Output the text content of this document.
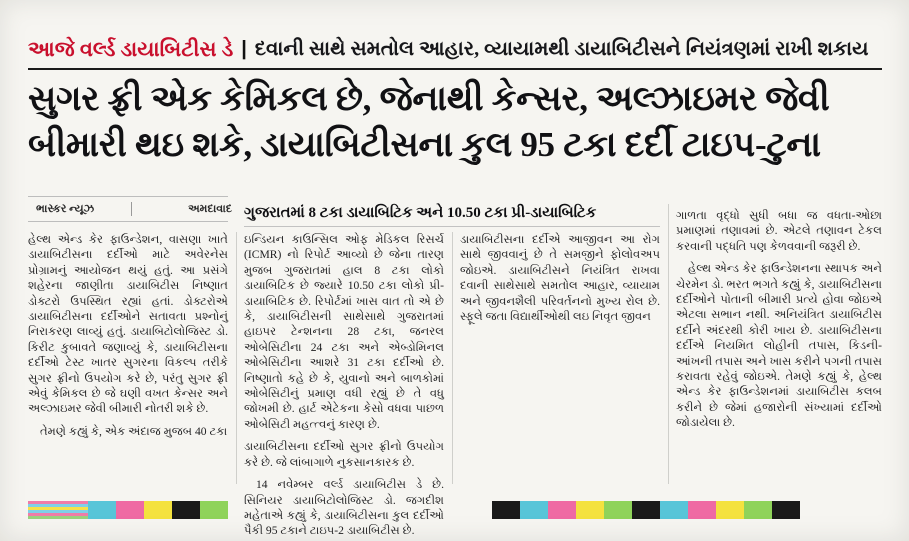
આજે વર્લ્ડ ડાયાબિટીસ ડે | દવાની સાથે સમતોલ આહાર, વ્યાયામથી ડાયાબિટીસને નિયંત્રણમાં રાખી શકાય
સુગર ફ્રી એક કેમિકલ છે, જેનાથી કેન્સર, અલ્ઝાઇમર જેવી
બીમારી થઇ શકે, ડાયાબિટીસના કુલ 95 ટકા દર્દી ટાઇપ-ટુના
ભાસ્કર ન્યૂઝ	અમદાવાદ ગુજરાતમાં 8 ટકા ડાયાબિટિક અને 10.50 ટકા પ્રી-ડાયાબિટિક

હેલ્થ એન્ડ કેર ફાઉન્ડેશન, વાસણા ખાતે ડાયાબિટીસના દર્દીઓ માટે અવેરનેસ પ્રોગ્રામનું આયોજન થયું હતું. આ પ્રસંગે શહેરના જાણીતા ડાયાબિટીસ નિષ્ણાત ડોક્ટરો ઉપસ્થિત રહ્યાં હતાં. ડોક્ટરોએ ડાયાબિટીસના દર્દીઓને સતાવતા પ્રશ્નોનું નિરાકરણ લાવ્યું હતું. ડાયાબિટોલોજિસ્ટ ડો. કિરીટ કુબાવતે જણાવ્યું કે, ડાયાબિટીસના દર્દીઓ ટેસ્ટ ખાતર સુગરના વિકલ્પ તરીકે સુગર ફ્રીનો ઉપયોગ કરે છે, પરંતુ સુગર ફ્રી એવું કેમિકલ છે જે ઘણી વખત કેન્સર અને અલ્ઝાઇમર જેવી બીમારી નોતરી શકે છે.

તેમણે કહ્યું કે, એક અંદાજ મુજબ 40 ટકા

ઇન્ડિયન કાઉન્સિલ ઓફ મેડિકલ રિસર્ચ (ICMR) નો રિપોર્ટ આવ્યો છે જેના તારણ મુજબ ગુજરાતમાં હાલ 8 ટકા લોકો ડાયાબિટિક છે જ્યારે 10.50 ટકા લોકો પ્રી-ડાયાબિટિક છે. રિપોર્ટમાં ખાસ વાત તો એ છે કે, ડાયાબિટીસની સાથેસાથે ગુજરાતમાં હાઇપર ટેન્શનના 28 ટકા, જનરલ ઓબેસિટીના 24 ટકા અને એબ્ડોમિનલ ઓબેસિટીના આશરે 31 ટકા દર્દીઓ છે. નિષ્ણાતો કહે છે કે, યુવાનો અને બાળકોમાં ઓબેસિટીનું પ્રમાણ વધી રહ્યું છે તે વધુ જોખમી છે. હાર્ટ એટેકના કેસો વધવા પાછળ ઓબેસિટી મહત્ત્વનું કારણ છે.

ડાયાબિટીસના દર્દીઓ સુગર ફ્રીનો ઉપયોગ કરે છે. જે લાંબાગાળે નુકસાનકારક છે.

14 નવેમ્બર વર્લ્ડ ડાયાબિટીસ ડે છે. સિનિયર ડાયાબિટોલોજિસ્ટ ડો. જગદીશ મહેતાએ કહ્યું કે, ડાયાબિટીસના કુલ દર્દીઓ પૈકી 95 ટકાને ટાઇપ-2 ડાયાબિટીસ છે.

ડાયાબિટીસના દર્દીએ આજીવન આ રોગ સાથે જીવવાનું છે તે સમજીને ફોલોવઅપ જોઇએ. ડાયાબિટીસને નિયંત્રિત રાખવા દવાની સાથેસાથે સમતોલ આહાર, વ્યાયામ અને જીવનશૈલી પરિવર્તનનો મુખ્ય રોલ છે. સ્ફૂલે જતા વિદ્યાર્થીઓથી લઇ નિવૃત જીવન

ગાળતા વૃદ્ધો સુધી બધા જ વધતા-ઓછા પ્રમાણમાં તણાવમાં છે. એટલે તણાવન ટેકલ કરવાની પદ્ધતિ પણ કેળવવાની જરૂરી છે.

હેલ્થ એન્ડ કેર ફાઉન્ડેશનના સ્થાપક અને ચેરમેન ડો. ભરત ભગતે કહ્યું કે, ડાયાબિટીસના દર્દીઓને પોતાની બીમારી પ્રત્યે હોવા જોઇએ એટલા સભાન નથી. અનિયંત્રિત ડાયાબિટીસ દર્દીને અંદરથી કોરી ખાય છે. ડાયાબિટીસના દર્દીએ નિયમિત લોહીની તપાસ, કિડની-આંખની તપાસ અને ખાસ કરીને પગની તપાસ કરાવતા રહેવું જોઇએ. તેમણે કહ્યું કે, હેલ્થ એન્ડ કેર ફાઉન્ડેશનમાં ડાયાબિટીસ કલબ કરીને છે જેમાં હજારોની સંખ્યામાં દર્દીઓ જોડાયેલા છે.
